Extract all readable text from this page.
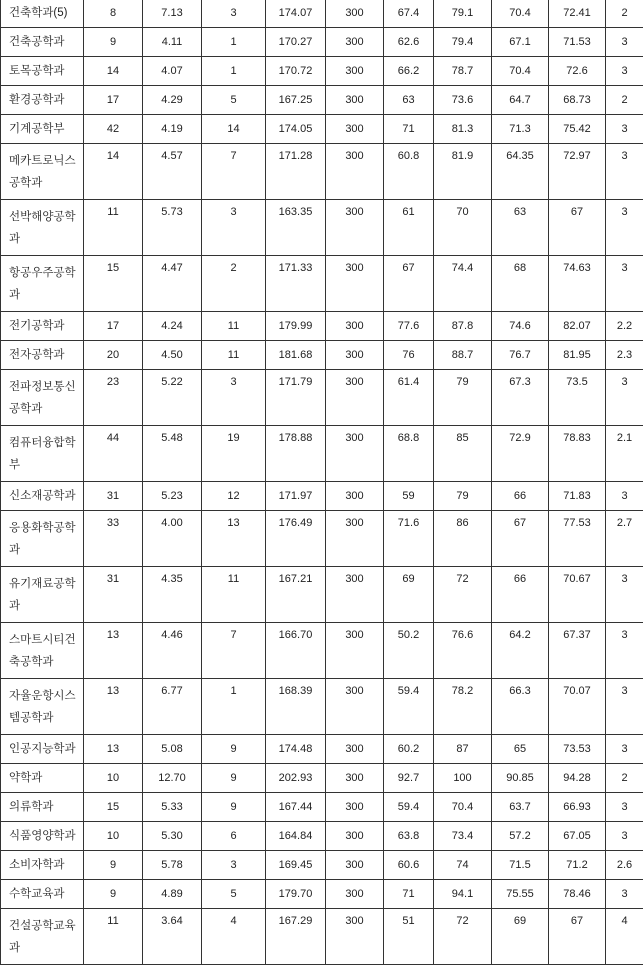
건축학과(5)	8	7.13	3	174.07	300	67.4	79.1	70.4	72.41	2
건축공학과	9	4.11	1	170.27	300	62.6	79.4	67.1	71.53	3
토목공학과	14	4.07	1	170.72	300	66.2	78.7	70.4	72.6	3
환경공학과	17	4.29	5	167.25	300	63	73.6	64.7	68.73	2
기계공학부	42	4.19	14	174.05	300	71	81.3	71.3	75.42	3
메카트로닉스공학과	14	4.57	7	171.28	300	60.8	81.9	64.35	72.97	3
선박해양공학과	11	5.73	3	163.35	300	61	70	63	67	3
항공우주공학과	15	4.47	2	171.33	300	67	74.4	68	74.63	3
전기공학과	17	4.24	11	179.99	300	77.6	87.8	74.6	82.07	2.2
전자공학과	20	4.50	11	181.68	300	76	88.7	76.7	81.95	2.3
전파정보통신공학과	23	5.22	3	171.79	300	61.4	79	67.3	73.5	3
컴퓨터융합학부	44	5.48	19	178.88	300	68.8	85	72.9	78.83	2.1
신소재공학과	31	5.23	12	171.97	300	59	79	66	71.83	3
응용화학공학과	33	4.00	13	176.49	300	71.6	86	67	77.53	2.7
유기재료공학과	31	4.35	11	167.21	300	69	72	66	70.67	3
스마트시티건축공학과	13	4.46	7	166.70	300	50.2	76.6	64.2	67.37	3
자율운항시스템공학과	13	6.77	1	168.39	300	59.4	78.2	66.3	70.07	3
인공지능학과	13	5.08	9	174.48	300	60.2	87	65	73.53	3
약학과	10	12.70	9	202.93	300	92.7	100	90.85	94.28	2
의류학과	15	5.33	9	167.44	300	59.4	70.4	63.7	66.93	3
식품영양학과	10	5.30	6	164.84	300	63.8	73.4	57.2	67.05	3
소비자학과	9	5.78	3	169.45	300	60.6	74	71.5	71.2	2.6
수학교육과	9	4.89	5	179.70	300	71	94.1	75.55	78.46	3
건설공학교육과	11	3.64	4	167.29	300	51	72	69	67	4
